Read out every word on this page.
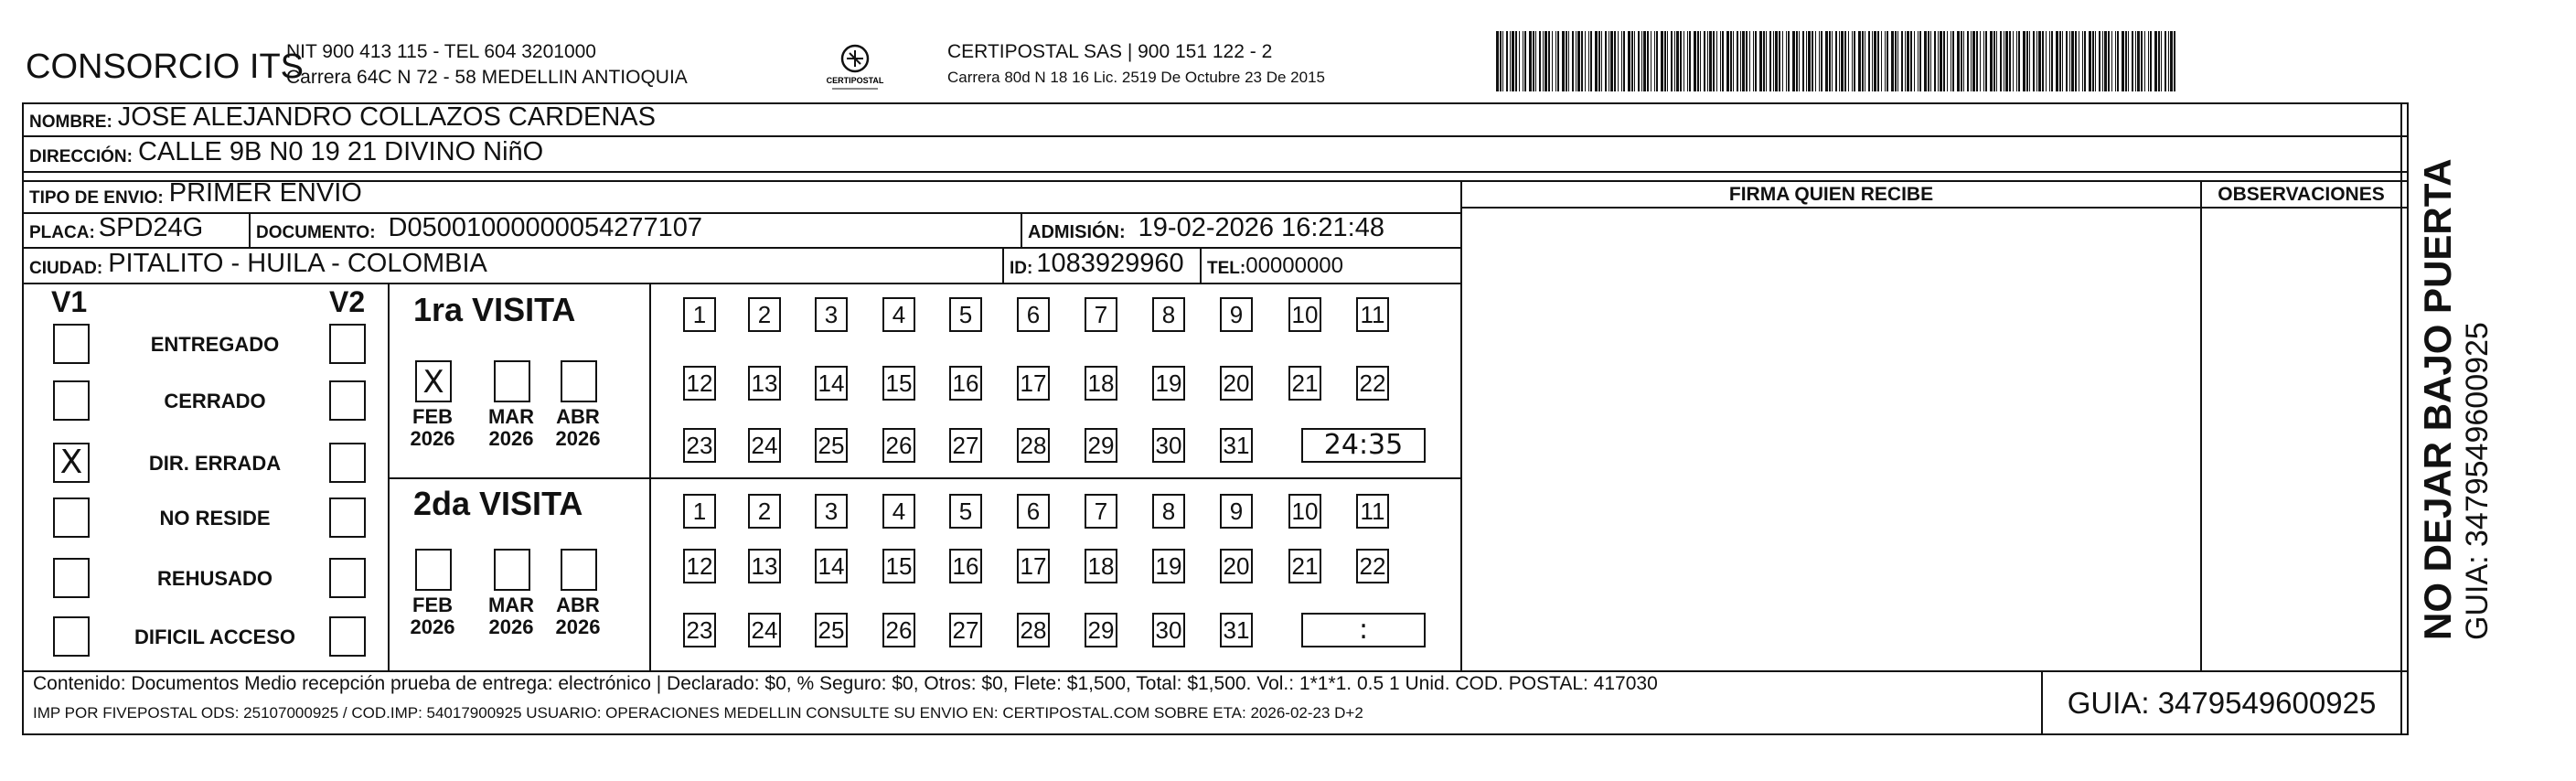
CONSORCIO ITS
NIT 900 413 115 - TEL 604 3201000
Carrera 64C N 72 - 58 MEDELLIN ANTIOQUIA	CERTIPOSTAL
CERTIPOSTAL SAS | 900 151 122 - 2
Carrera 80d N 18 16 Lic. 2519 De Octubre 23 De 2015
NOMBRE: JOSE ALEJANDRO COLLAZOS CARDENAS
DIRECCIÓN: CALLE 9B N0 19 21 DIVINO NiñO
TIPO DE ENVIO: PRIMER ENVIO
PLACA: SPD24G	DOCUMENTO: D05001000000054277107	ADMISIÓN: 19-02-2026 16:21:48
CIUDAD: PITALITO - HUILA - COLOMBIA	ID: 1083929960 TEL: 00000000
FIRMA QUIEN RECIBE	OBSERVACIONES
V1	V2 1ra VISITA
2da VISITA
Contenido: Documentos Medio recepción prueba de entrega: electrónico | Declarado: $0, % Seguro: $0, Otros: $0, Flete: $1,500, Total: $1,500. Vol.: 1*1*1. 0.5 1 Unid. COD. POSTAL: 417030
IMP POR FIVEPOSTAL ODS: 25107000925 / COD.IMP: 54017900925 USUARIO: OPERACIONES MEDELLIN CONSULTE SU ENVIO EN: CERTIPOSTAL.COM SOBRE ETA: 2026-02-23 D+2	GUIA: 3479549600925
NO DEJAR BAJO PUERTA GUIA: 3479549600925
ENTREGADO
CERRADO
X	DIR. ERRADA
NO RESIDE
REHUSADO
DIFICIL ACCESO
X
FEB
2026
MAR
2026
ABR
2026
FEB
2026
MAR
2026
ABR
2026
1	2	3	4	5	6	7	8	9	10 11
12 13 14 15 16 17 18 19 20 21 22
23 24 25 26 27 28 29 30 31	24:35
1	2	3	4	5	6	7	8	9	10 11
12 13 14 15 16 17 18 19 20 21 22
23 24 25 26 27 28 29 30 31	:
